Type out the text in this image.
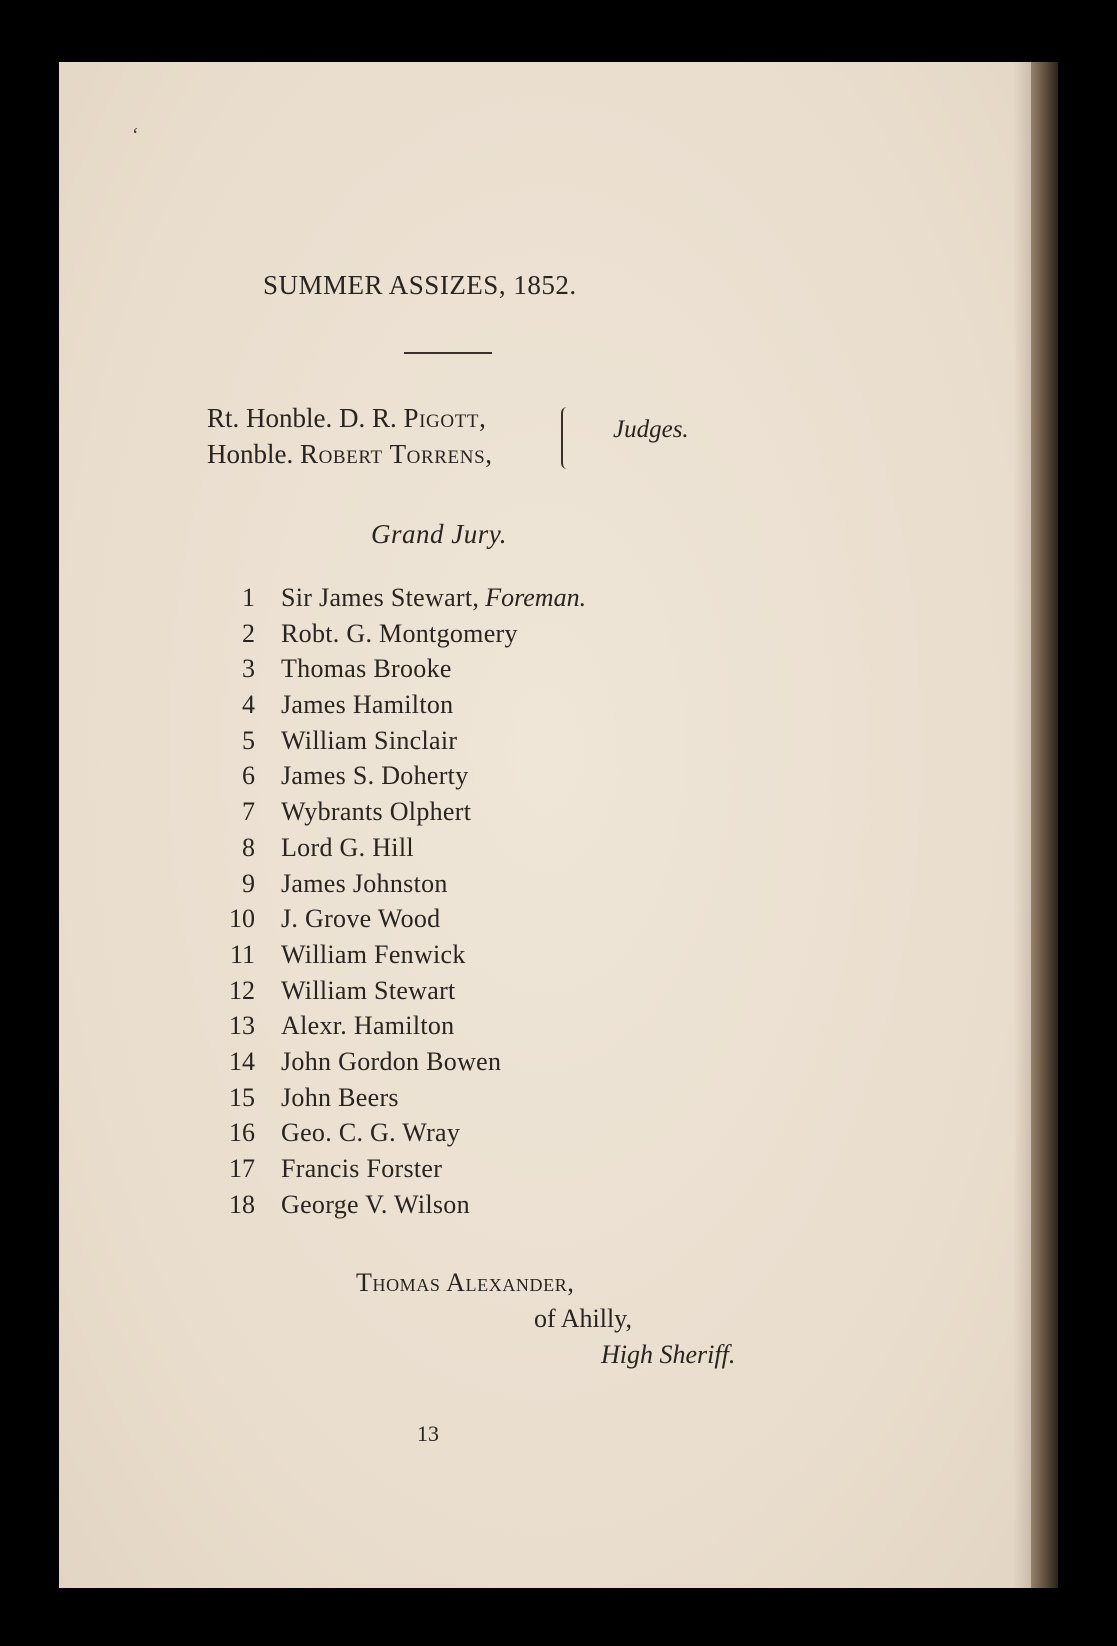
ʻ
SUMMER ASSIZES, 1852.
Rt. Honble. D. R. Pigott,
Honble. Robert Torrens,
Judges.
Grand Jury.
1 Sir James Stewart, Foreman.
2 Robt. G. Montgomery
3 Thomas Brooke
4 James Hamilton
5 William Sinclair
6 James S. Doherty
7 Wybrants Olphert
8 Lord G. Hill
9 James Johnston
10 J. Grove Wood
11 William Fenwick
12 William Stewart
13 Alexr. Hamilton
14 John Gordon Bowen
15 John Beers
16 Geo. C. G. Wray
17 Francis Forster
18 George V. Wilson
Thomas Alexander,
of Ahilly,
High Sheriff.
13
